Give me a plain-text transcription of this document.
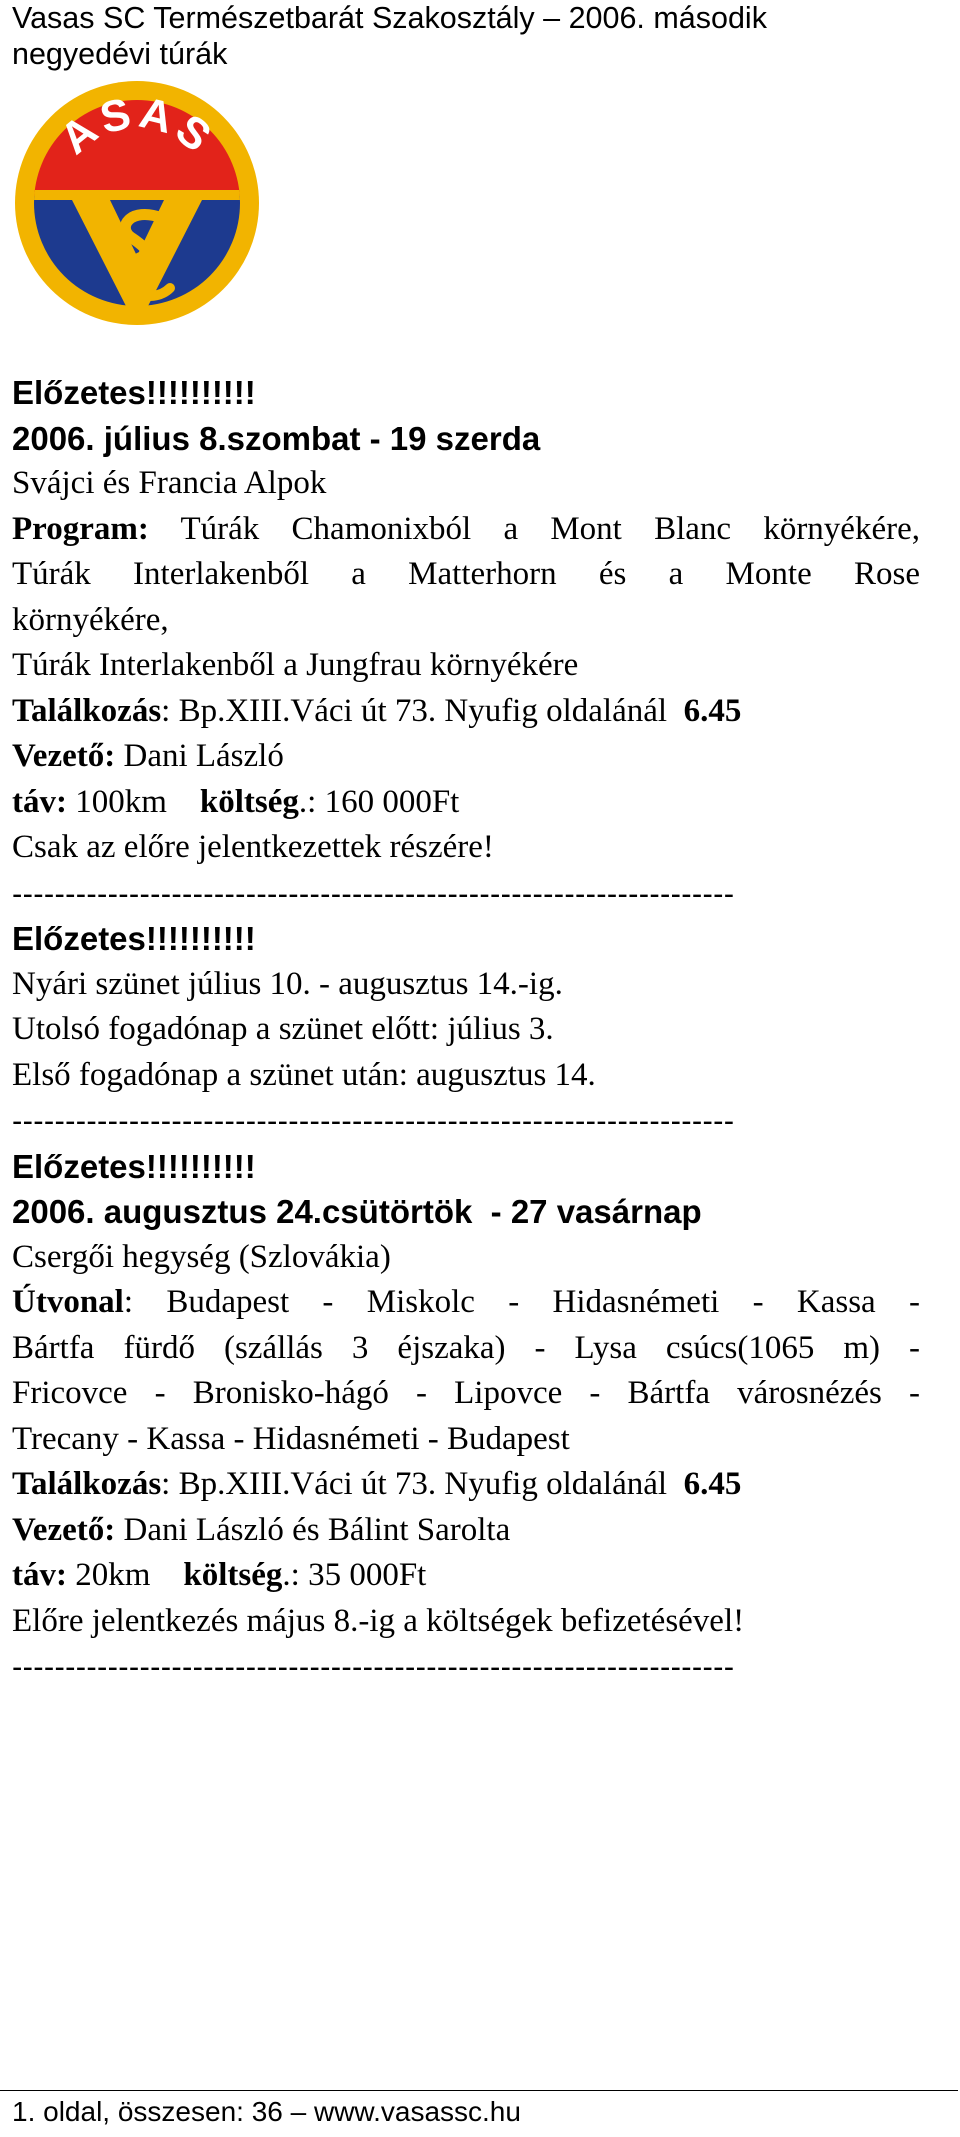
Vasas SC Természetbarát Szakosztály – 2006. második negyedévi túrák
ASAS
Előzetes!!!!!!!!!!
2006. július 8.szombat - 19 szerda
Svájci és Francia Alpok
Program: Túrák Chamonixból a Mont Blanc környékére,
Túrák Interlakenből a Matterhorn és a Monte Rose
környékére,
Túrák Interlakenből a Jungfrau környékére
Találkozás: Bp.XIII.Váci út 73. Nyufig oldalánál  6.45
Vezető: Dani László
táv: 100km    költség.: 160 000Ft
Csak az előre jelentkezettek részére!
--------------------------------------------------------------------
Előzetes!!!!!!!!!!
Nyári szünet július 10. - augusztus 14.-ig.
Utolsó fogadónap a szünet előtt: július 3.
Első fogadónap a szünet után: augusztus 14.
--------------------------------------------------------------------
Előzetes!!!!!!!!!!
2006. augusztus 24.csütörtök  - 27 vasárnap
Csergői hegység (Szlovákia)
Útvonal: Budapest - Miskolc - Hidasnémeti - Kassa -
Bártfa fürdő (szállás 3 éjszaka) - Lysa csúcs(1065 m) -
Fricovce - Bronisko-hágó - Lipovce - Bártfa városnézés -
Trecany - Kassa - Hidasnémeti - Budapest
Találkozás: Bp.XIII.Váci út 73. Nyufig oldalánál  6.45
Vezető: Dani László és Bálint Sarolta
táv: 20km    költség.: 35 000Ft
Előre jelentkezés május 8.-ig a költségek befizetésével!
--------------------------------------------------------------------
1. oldal, összesen: 36 – www.vasassc.hu
